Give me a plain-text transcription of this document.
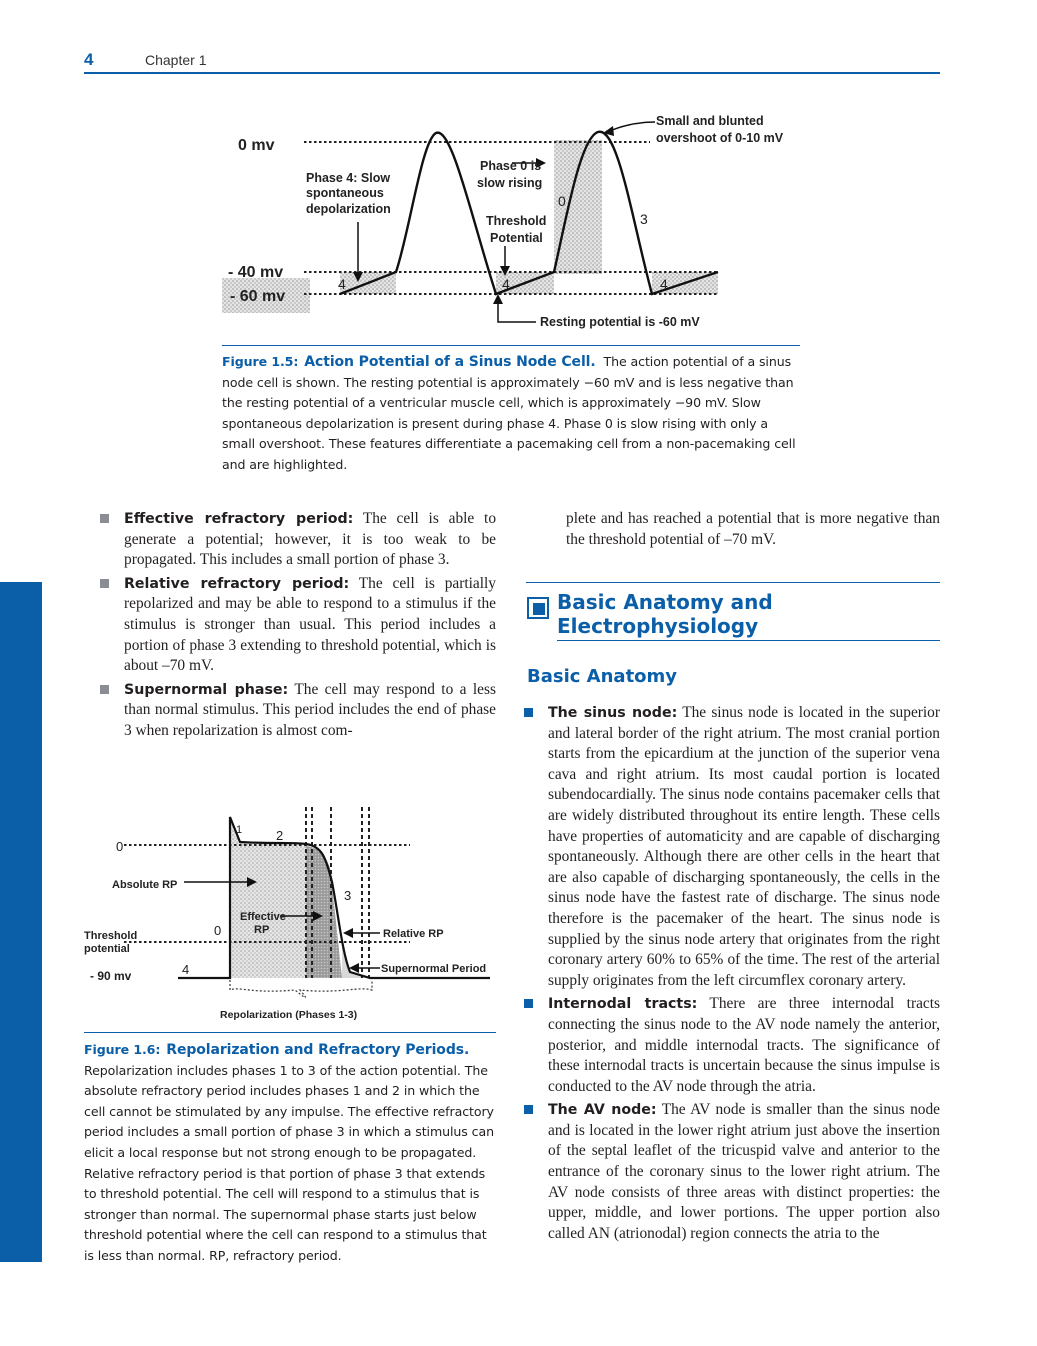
4	Chapter 1
0 mv
- 40 mv
- 60 mv
Phase 4: Slow
spontaneous
depolarization
Phase 0 is
slow rising
Threshold
Potential
Small and blunted
overshoot of 0-10 mV
Resting potential is -60 mV
4	4	4
0
3
Figure 1.5: Action Potential of a Sinus Node Cell. The action potential of a sinus node cell is shown. The resting potential is approximately −60 mV and is less negative than the resting potential of a ventricular muscle cell, which is approximately −90 mV. Slow spontaneous depolarization is present during phase 4. Phase 0 is slow rising with only a small overshoot. These features differentiate a pacemaking cell from a non-pacemaking cell and are highlighted.
Effective refractory period: The cell is able to generate a potential; however, it is too weak to be propagated. This includes a small portion of phase 3.
Relative refractory period: The cell is partially repolarized and may be able to respond to a stimulus if the stimulus is stronger than usual. This period includes a portion of phase 3 extending to threshold potential, which is about –70 mV.
Supernormal phase: The cell may respond to a less than normal stimulus. This period includes the end of phase 3 when repolarization is almost com-
plete and has reached a potential that is more negative than the threshold potential of –70 mV.
0
Absolute RP
Threshold
potential
- 90 mv	4
0
1	2
3
Effective
RP	Relative RP
Supernormal Period
Repolarization (Phases 1-3)
Figure 1.6: Repolarization and Refractory Periods. Repolarization includes phases 1 to 3 of the action potential. The absolute refractory period includes phases 1 and 2 in which the cell cannot be stimulated by any impulse. The effective refractory period includes a small portion of phase 3 in which a stimulus can elicit a local response but not strong enough to be propagated. Relative refractory period is that portion of phase 3 that extends to threshold potential. The cell will respond to a stimulus that is stronger than normal. The supernormal phase starts just below threshold potential where the cell can respond to a stimulus that is less than normal. RP, refractory period.
Basic Anatomy and
Electrophysiology
Basic Anatomy
The sinus node: The sinus node is located in the superior and lateral border of the right atrium. The most cranial portion starts from the epicardium at the junction of the superior vena cava and right atrium. Its most caudal portion is located subendocardially. The sinus node contains pacemaker cells that are widely distributed throughout its entire length. These cells have properties of automaticity and are capable of discharging spontaneously. Although there are other cells in the heart that are also capable of discharging spontaneously, the cells in the sinus node have the fastest rate of discharge. The sinus node therefore is the pacemaker of the heart. The sinus node is supplied by the sinus node artery that originates from the right coronary artery 60% to 65% of the time. The rest of the arterial supply originates from the left circumflex coronary artery.
Internodal tracts: There are three internodal tracts connecting the sinus node to the AV node namely the anterior, posterior, and middle internodal tracts. The significance of these internodal tracts is uncertain because the sinus impulse is conducted to the AV node through the atria.
The AV node: The AV node is smaller than the sinus node and is located in the lower right atrium just above the insertion of the septal leaflet of the tricuspid valve and anterior to the entrance of the coronary sinus to the lower right atrium. The AV node consists of three areas with distinct properties: the upper, middle, and lower portions. The upper portion also called AN (atrionodal) region connects the atria to the
